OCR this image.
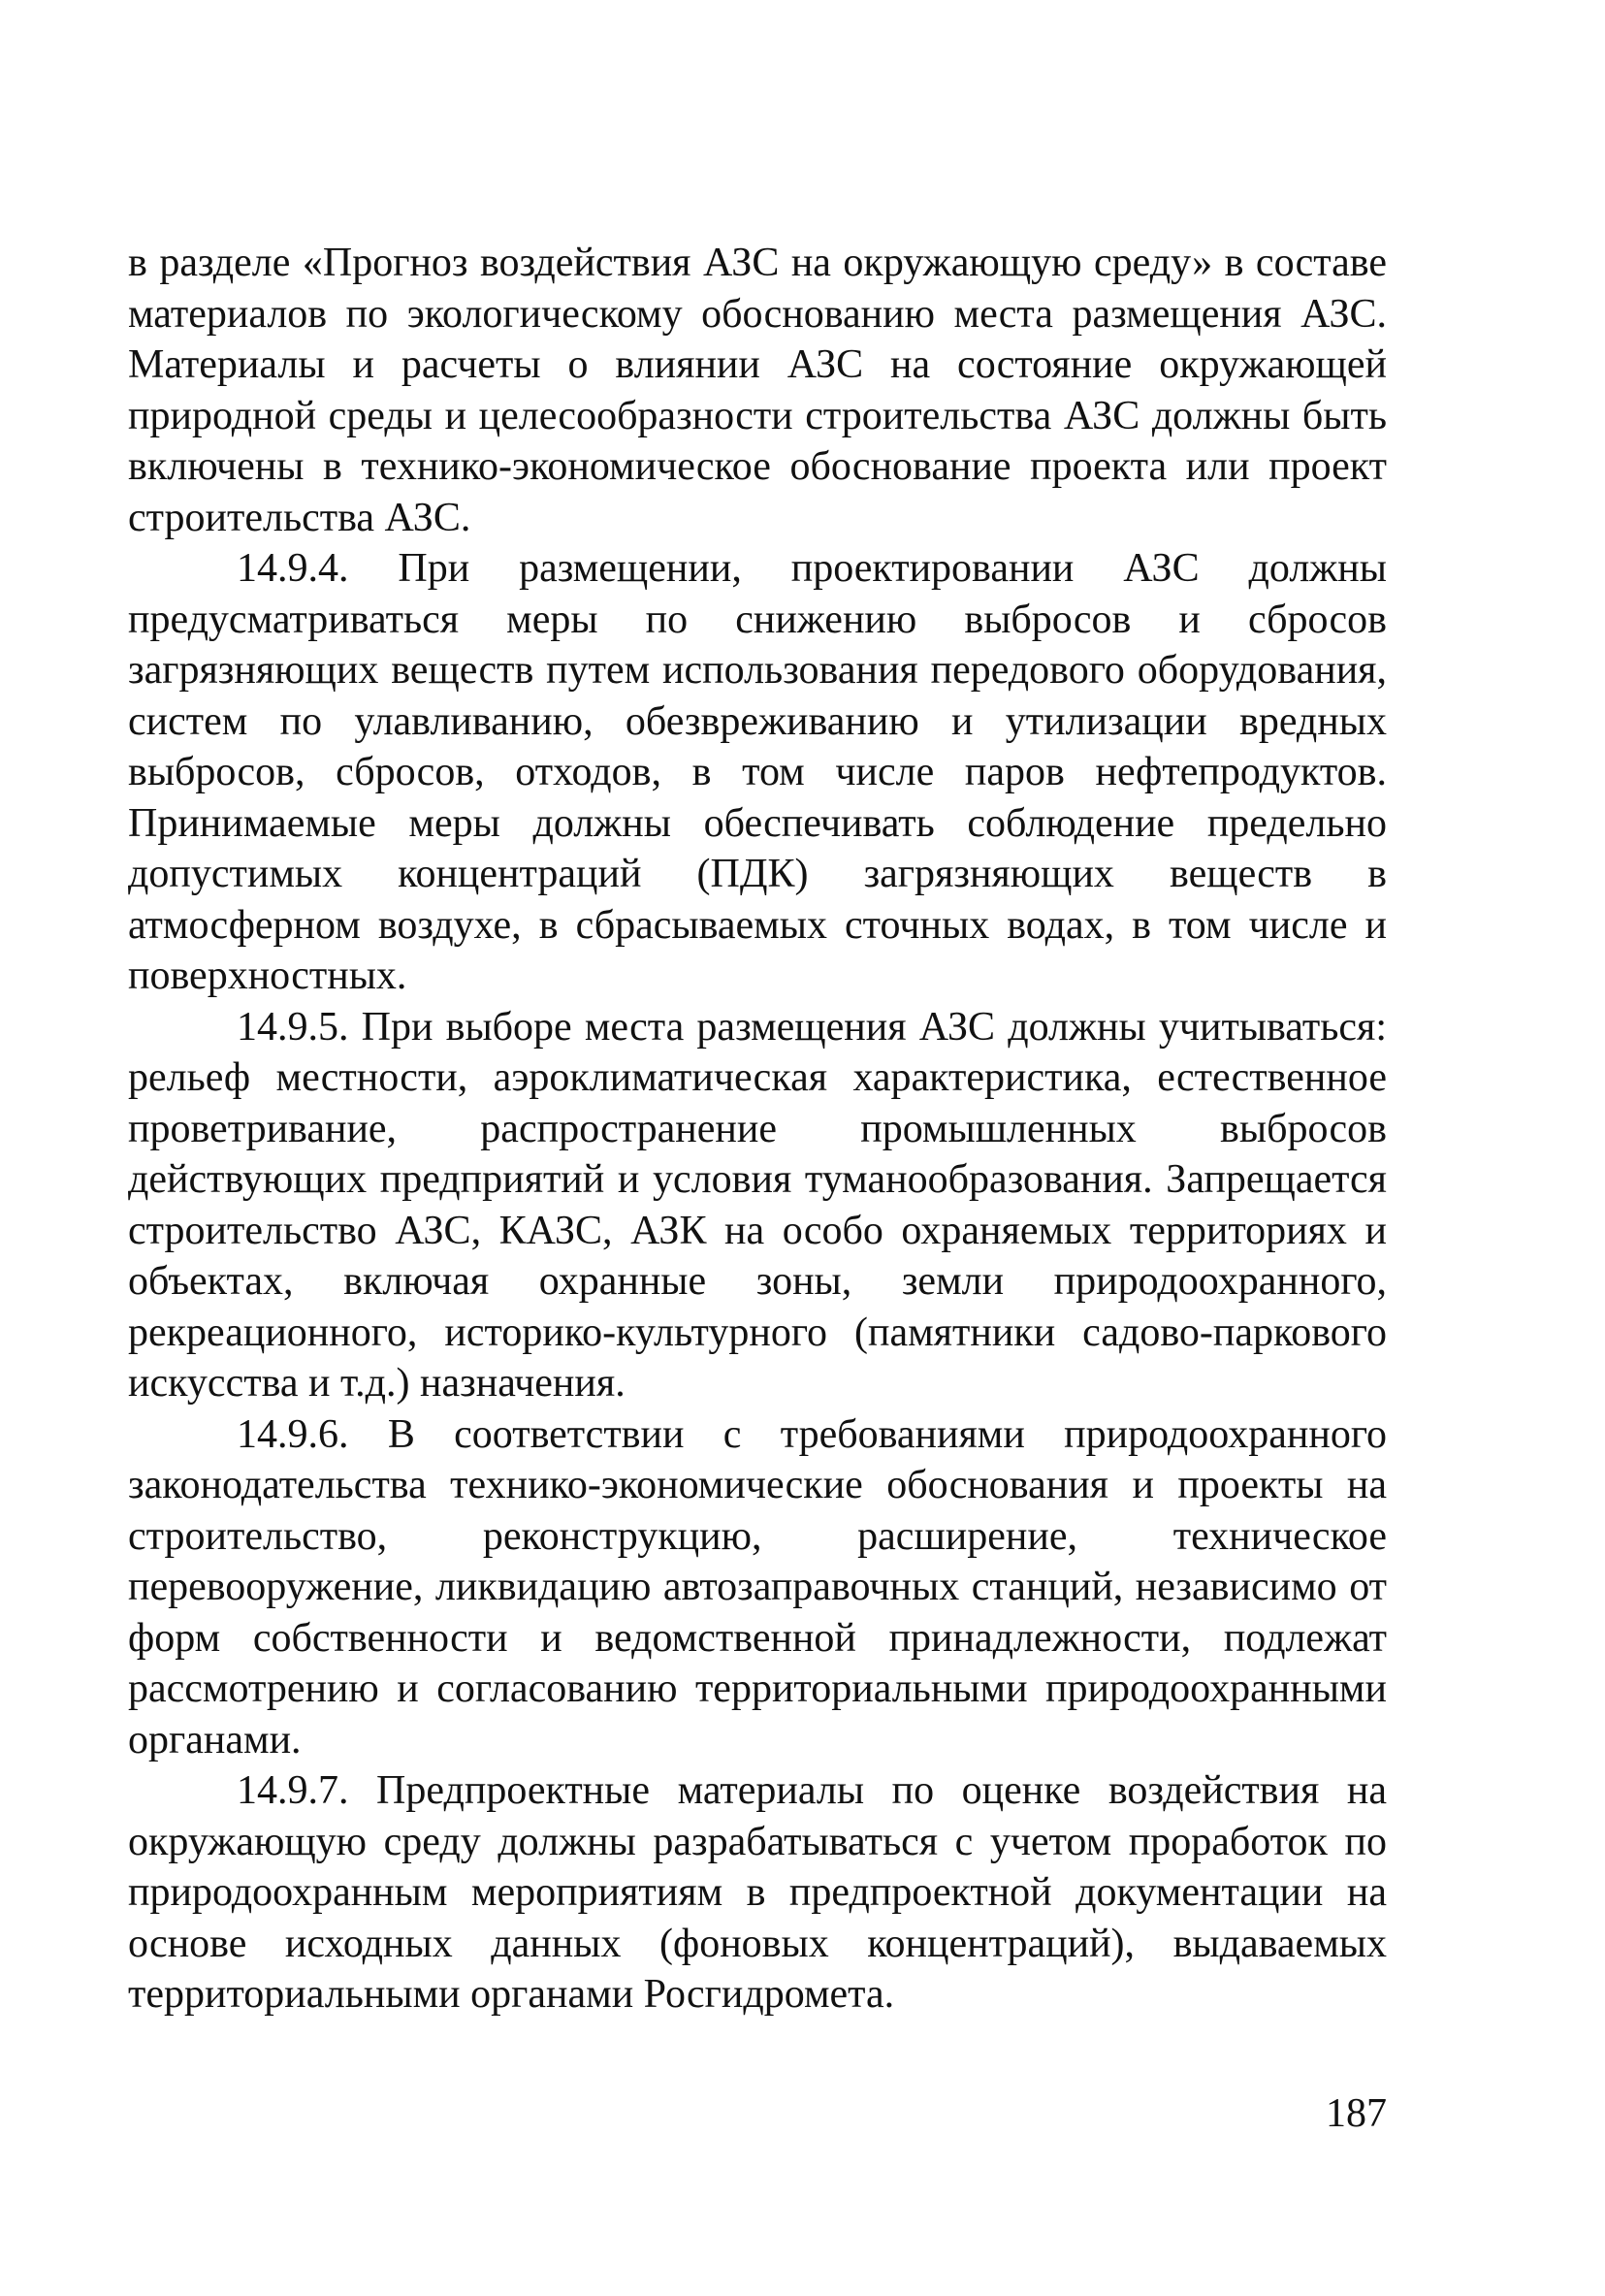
в разделе «Прогноз воздействия АЗС на окружающую среду» в составе материалов по экологическому обоснованию места размещения АЗС. Материалы и расчеты о влиянии АЗС на состояние окружающей природной среды и целесообразности строительства АЗС должны быть включены в технико-экономическое обоснование проекта или проект строительства АЗС.

14.9.4. При размещении, проектировании АЗС должны предусматриваться меры по снижению выбросов и сбросов загрязняющих веществ путем использования передового оборудования, систем по улавливанию, обезвреживанию и утилизации вредных выбросов, сбросов, отходов, в том числе паров нефтепродуктов. Принимаемые меры должны обеспечивать соблюдение предельно допустимых концентраций (ПДК) загрязняющих веществ в атмосферном воздухе, в сбрасываемых сточных водах, в том числе и поверхностных.

14.9.5. При выборе места размещения АЗС должны учитываться: рельеф местности, аэроклиматическая характеристика, естественное проветривание, распространение промышленных выбросов действующих предприятий и условия туманообразования. Запрещается строительство АЗС, КАЗС, АЗК на особо охраняемых территориях и объектах, включая охранные зоны, земли природоохранного, рекреационного, историко-культурного (памятники садово-паркового искусства и т.д.) назначения.

14.9.6. В соответствии с требованиями природоохранного законодательства технико-экономические обоснования и проекты на строительство, реконструкцию, расширение, техническое перевооружение, ликвидацию автозаправочных станций, независимо от форм собственности и ведомственной принадлежности, подлежат рассмотрению и согласованию территориальными природоохранными органами.

14.9.7. Предпроектные материалы по оценке воздействия на окружающую среду должны разрабатываться с учетом проработок по природоохранным мероприятиям в предпроектной документации на основе исходных данных (фоновых концентраций), выдаваемых территориальными органами Росгидромета.

187
